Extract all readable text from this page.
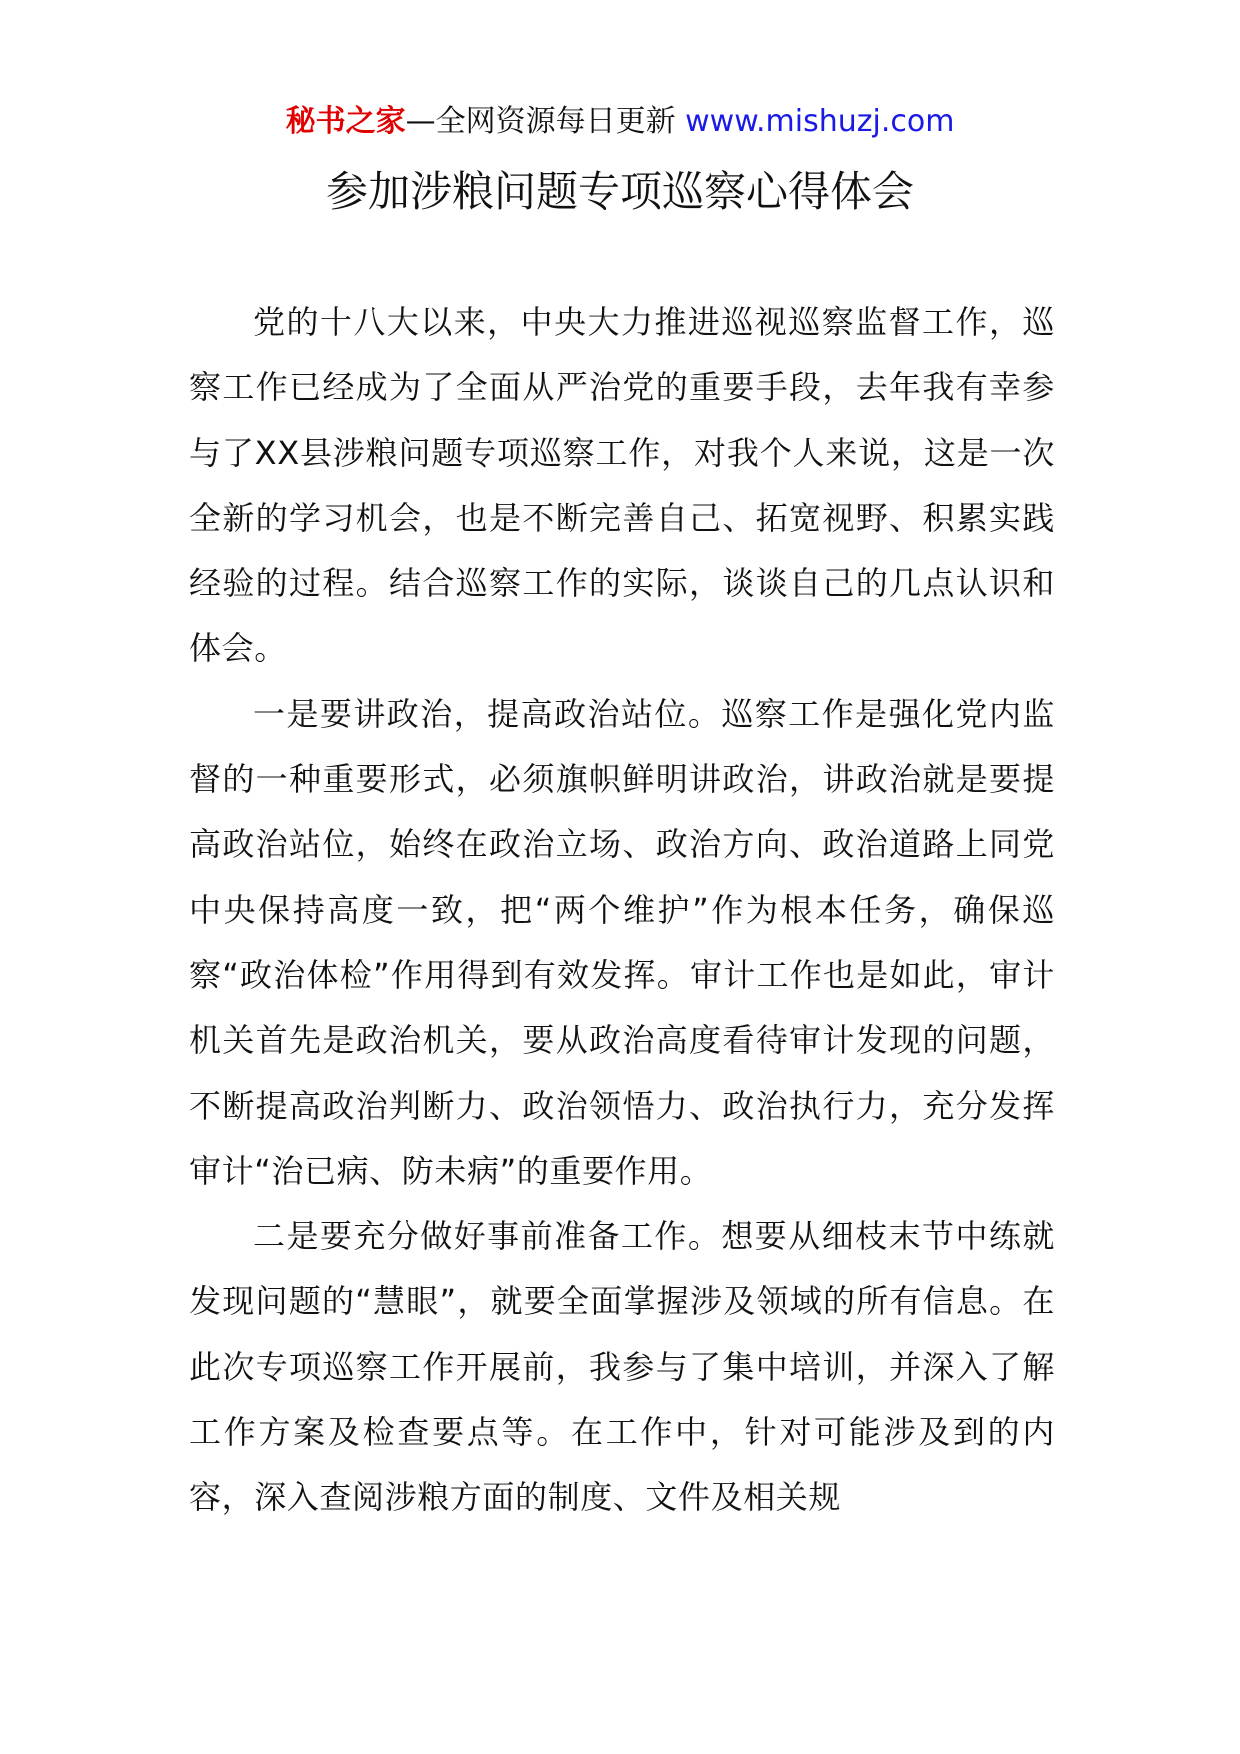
秘书之家—全网资源每日更新 www.mishuzj.com
参加涉粮问题专项巡察心得体会

党的十八大以来，中央大力推进巡视巡察监督工作，巡察工作已经成为了全面从严治党的重要手段，去年我有幸参与了XX县涉粮问题专项巡察工作，对我个人来说，这是一次全新的学习机会，也是不断完善自己、拓宽视野、积累实践经验的过程。结合巡察工作的实际，谈谈自己的几点认识和体会。

一是要讲政治，提高政治站位。巡察工作是强化党内监督的一种重要形式，必须旗帜鲜明讲政治，讲政治就是要提高政治站位，始终在政治立场、政治方向、政治道路上同党中央保持高度一致，把“两个维护”作为根本任务，确保巡察“政治体检”作用得到有效发挥。审计工作也是如此，审计机关首先是政治机关，要从政治高度看待审计发现的问题，不断提高政治判断力、政治领悟力、政治执行力，充分发挥审计“治已病、防未病”的重要作用。

二是要充分做好事前准备工作。想要从细枝末节中练就发现问题的“慧眼”，就要全面掌握涉及领域的所有信息。在此次专项巡察工作开展前，我参与了集中培训，并深入了解工作方案及检查要点等。在工作中，针对可能涉及到的内容，深入查阅涉粮方面的制度、文件及相关规
